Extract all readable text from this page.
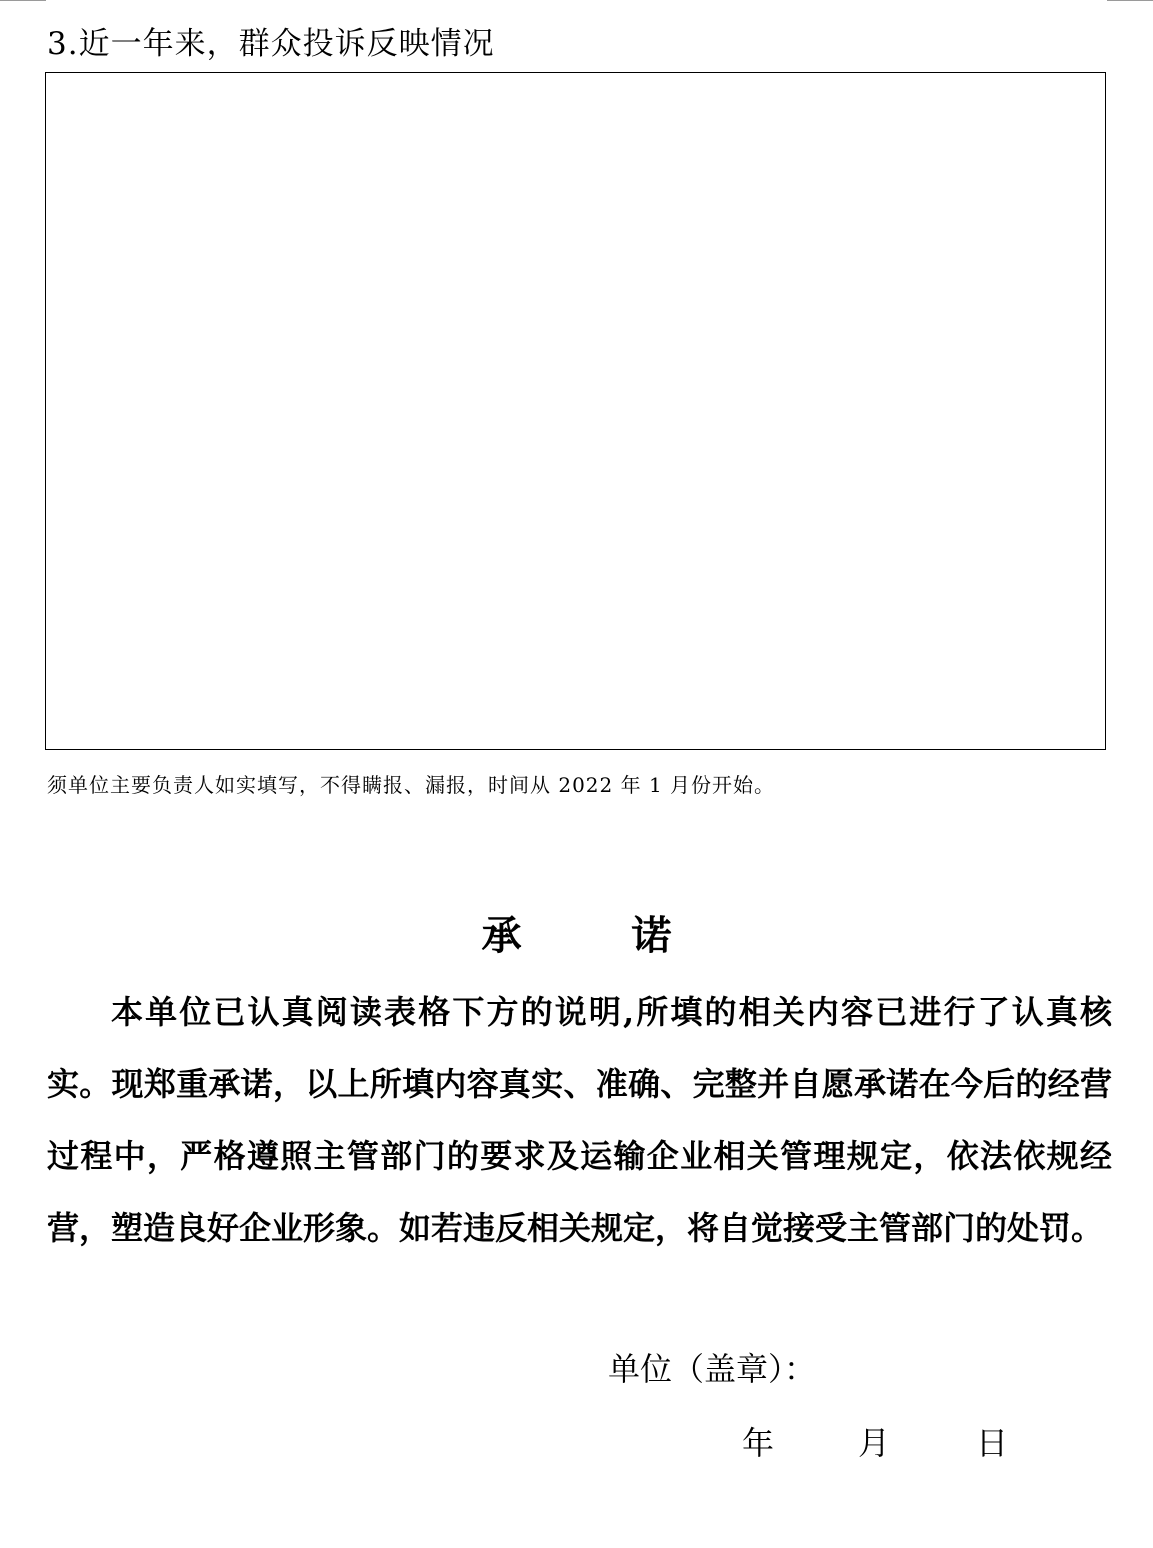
3.近一年来，群众投诉反映情况
须单位主要负责人如实填写，不得瞒报、漏报，时间从 2022 年 1 月份开始。
承	诺
本单位已认真阅读表格下方的说明,所填的相关内容已进行了认真核实。现郑重承诺，以上所填内容真实、准确、完整并自愿承诺在今后的经营过程中，严格遵照主管部门的要求及运输企业相关管理规定，依法依规经营，塑造良好企业形象。如若违反相关规定，将自觉接受主管部门的处罚。
单位（盖章）：
年	月	日
